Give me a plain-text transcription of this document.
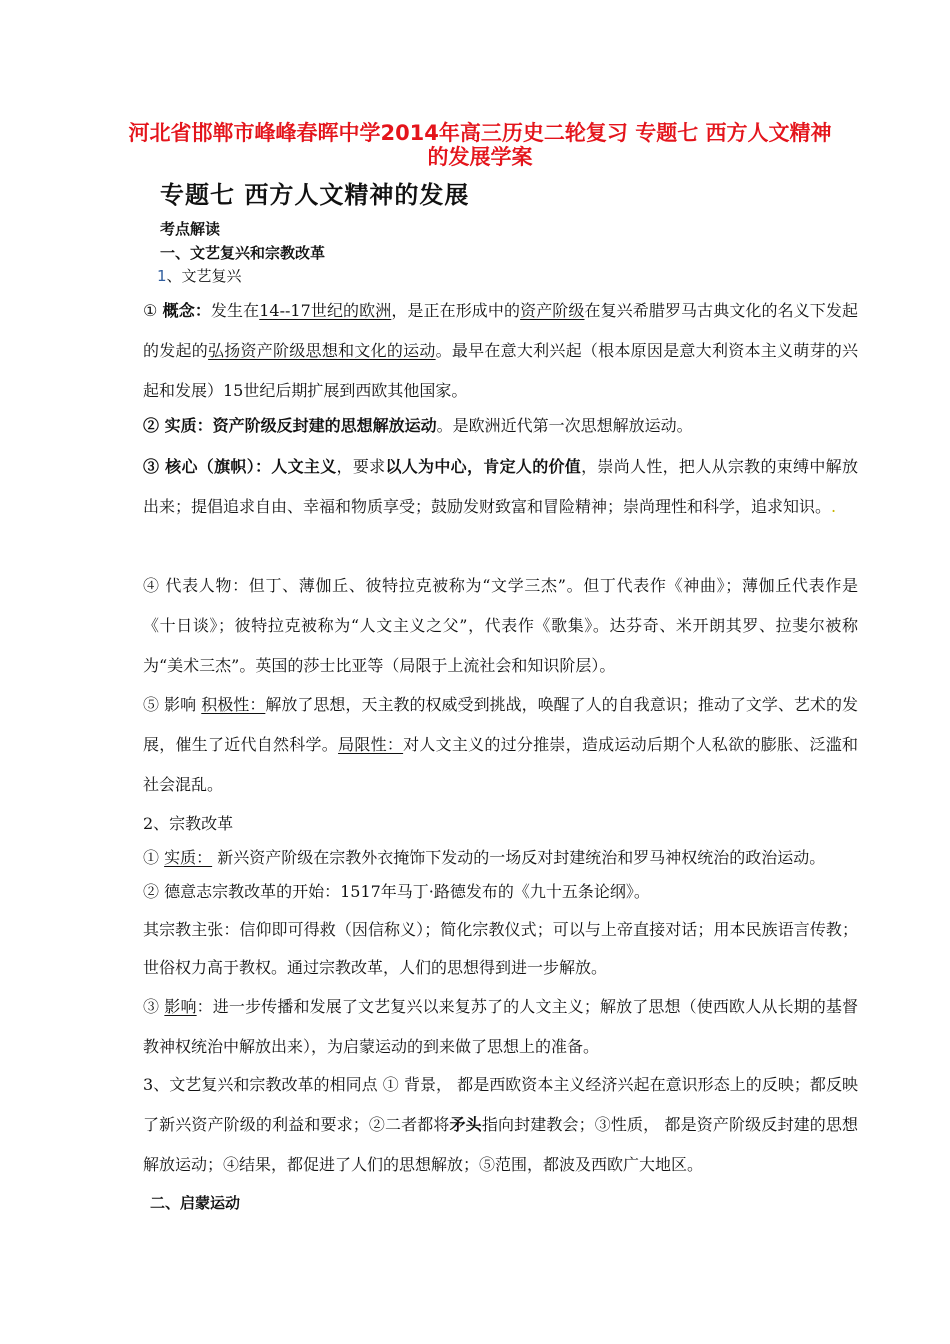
河北省邯郸市峰峰春晖中学2014年高三历史二轮复习 专题七 西方人文精神的发展学案
专题七 西方人文精神的发展
考点解读
一、文艺复兴和宗教改革
1、文艺复兴
① 概念：发生在14--17世纪的欧洲，是正在形成中的资产阶级在复兴希腊罗马古典文化的名义下发起的发起的弘扬资产阶级思想和文化的运动。最早在意大利兴起（根本原因是意大利资本主义萌芽的兴起和发展）15世纪后期扩展到西欧其他国家。
② 实质：资产阶级反封建的思想解放运动。是欧洲近代第一次思想解放运动。
③ 核心（旗帜）：人文主义，要求以人为中心，肯定人的价值，崇尚人性，把人从宗教的束缚中解放出来；提倡追求自由、幸福和物质享受；鼓励发财致富和冒险精神；崇尚理性和科学，追求知识。.
④ 代表人物：但丁、薄伽丘、彼特拉克被称为“文学三杰”。但丁代表作《神曲》；薄伽丘代表作是《十日谈》；彼特拉克被称为“人文主义之父”，代表作《歌集》。达芬奇、米开朗其罗、拉斐尔被称为“美术三杰”。英国的莎士比亚等（局限于上流社会和知识阶层）。
⑤ 影响 积极性：解放了思想，天主教的权威受到挑战，唤醒了人的自我意识；推动了文学、艺术的发展，催生了近代自然科学。局限性：对人文主义的过分推崇，造成运动后期个人私欲的膨胀、泛滥和社会混乱。
2、宗教改革
① 实质： 新兴资产阶级在宗教外衣掩饰下发动的一场反对封建统治和罗马神权统治的政治运动。
② 德意志宗教改革的开始：1517年马丁·路德发布的《九十五条论纲》。
其宗教主张：信仰即可得救（因信称义）；简化宗教仪式；可以与上帝直接对话；用本民族语言传教；世俗权力高于教权。通过宗教改革，人们的思想得到进一步解放。
③ 影响：进一步传播和发展了文艺复兴以来复苏了的人文主义；解放了思想（使西欧人从长期的基督教神权统治中解放出来），为启蒙运动的到来做了思想上的准备。
3、文艺复兴和宗教改革的相同点 ① 背景， 都是西欧资本主义经济兴起在意识形态上的反映；都反映了新兴资产阶级的利益和要求；②二者都将矛头指向封建教会；③性质， 都是资产阶级反封建的思想解放运动；④结果，都促进了人们的思想解放；⑤范围，都波及西欧广大地区。
二、启蒙运动
